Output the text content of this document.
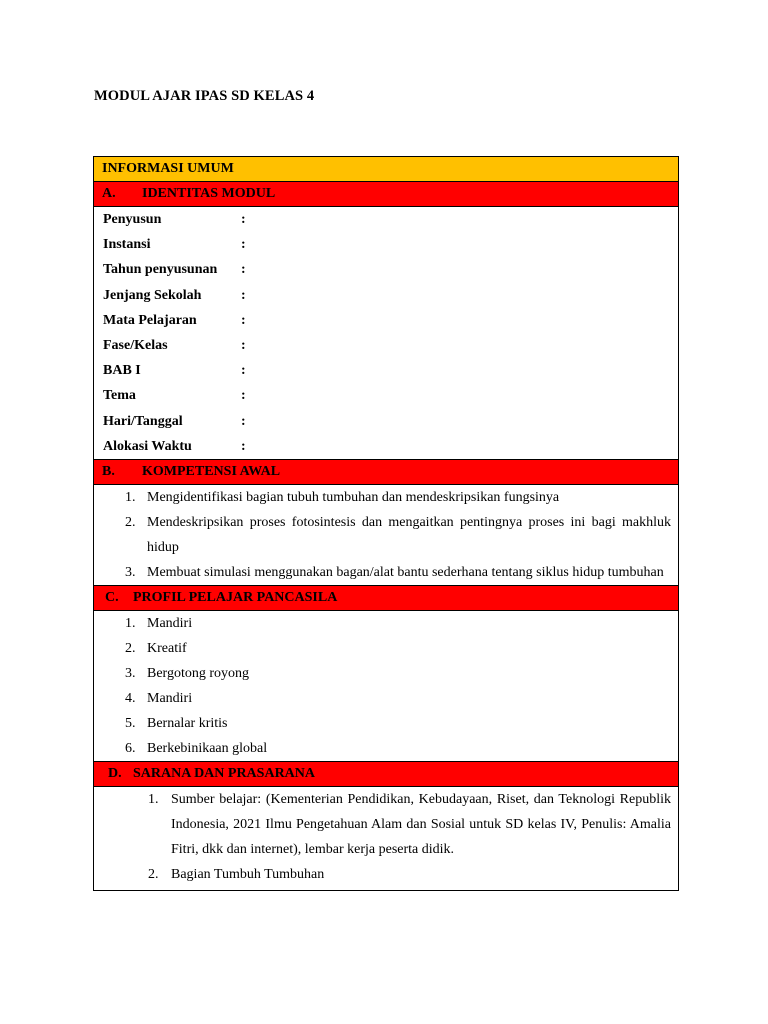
MODUL AJAR IPAS SD KELAS 4
INFORMASI UMUM
A. IDENTITAS MODUL
Penyusun	:
Instansi	:
Tahun penyusunan :
Jenjang Sekolah	:
Mata Pelajaran	:
Fase/Kelas	:
BAB I	:
Tema	:
Hari/Tanggal	:
Alokasi Waktu	:
B. KOMPETENSI AWAL
1. Mengidentifikasi bagian tubuh tumbuhan dan mendeskripsikan fungsinya
2. Mendeskripsikan proses fotosintesis dan mengaitkan pentingnya proses ini bagi makhluk hidup
3. Membuat simulasi menggunakan bagan/alat bantu sederhana tentang siklus hidup tumbuhan
C. PROFIL PELAJAR PANCASILA
1. Mandiri
2. Kreatif
3. Bergotong royong
4. Mandiri
5. Bernalar kritis
6. Berkebinikaan global
D. SARANA DAN PRASARANA
1. Sumber belajar: (Kementerian Pendidikan, Kebudayaan, Riset, dan Teknologi Republik Indonesia, 2021 Ilmu Pengetahuan Alam dan Sosial untuk SD kelas IV, Penulis: Amalia Fitri, dkk dan internet), lembar kerja peserta didik.
2. Bagian Tumbuh Tumbuhan
